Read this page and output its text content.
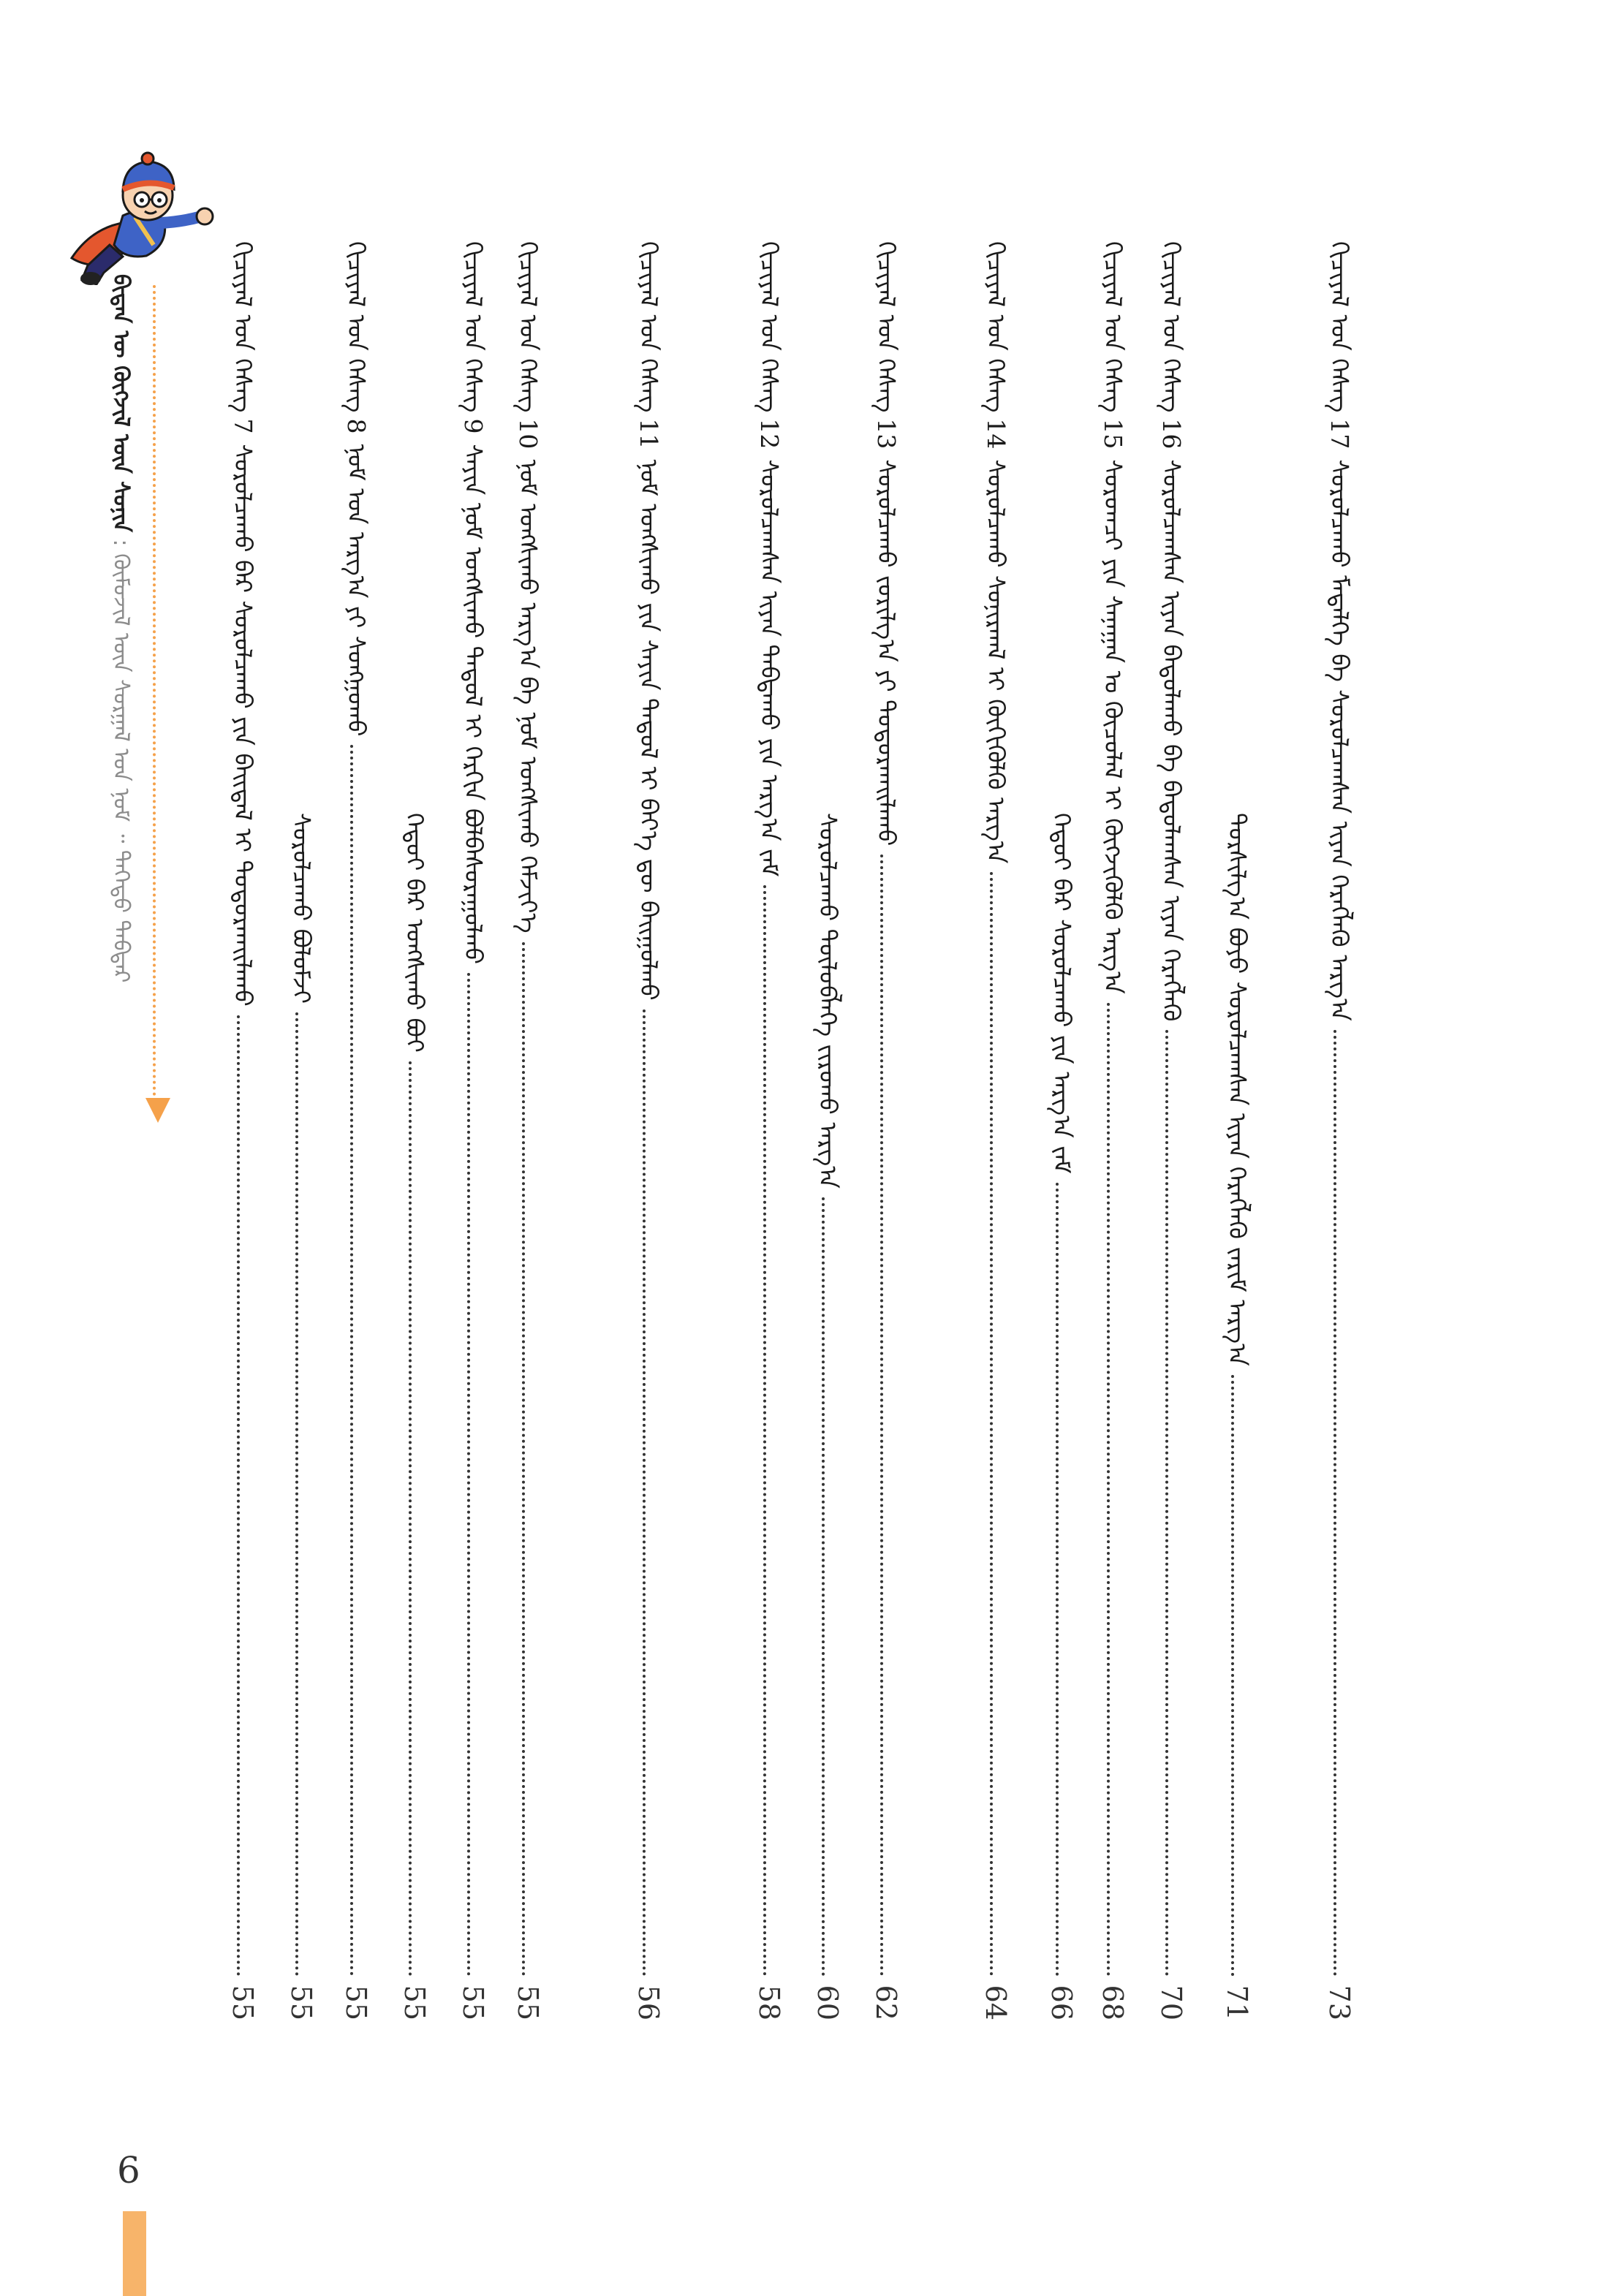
ᠪᠢᠳᠡᠨ ᠦ ᠬᠥᠭᠵᠢᠯ ᠦᠨ ᠰᠣᠨᠢᠨ : ᠬᠦᠮᠦᠵᠢᠯ ᠦᠨ ᠰᠤᠷᠭᠠᠯ ᠤᠨ ᠨᠣᠮ ᠃ ᠳᠡᠭᠡᠳᠦ ᠳᠡᠪᠲᠡᠷ
ᠬᠢᠴᠢᠶᠡᠯ ᠤᠨ ᠬᠡᠰᠡᠭ
17
ᠰᠤᠷᠤᠯᠴᠠᠬᠤ ᠮᠡᠳᠡᠯᠭᠡ ᠪᠠ ᠰᠤᠷᠤᠯᠴᠠᠭᠰᠠᠨ ᠢᠶᠠᠨ ᠬᠡᠷᠡᠭᠯᠡᠬᠦ ᠠᠷᠭ᠎ᠠ
73
ᠲᠤᠷᠰᠢᠯᠭ᠎ᠠ ᠪᠤᠶᠤ ᠰᠤᠷᠤᠯᠴᠠᠭᠰᠠᠨ ᠢᠶᠠᠨ ᠬᠡᠷᠡᠭᠯᠡᠬᠦ ᠵᠠᠷᠢᠮ ᠠᠷᠭ᠎ᠠ
71
ᠬᠢᠴᠢᠶᠡᠯ ᠤᠨ ᠬᠡᠰᠡᠭ
16
ᠰᠤᠷᠤᠯᠴᠠᠭᠰᠠᠨ ᠢᠶᠠᠨ ᠪᠠᠲᠤᠯᠠᠬᠤ ᠪᠠ ᠪᠠᠲᠤᠯᠠᠭᠰᠠᠨ ᠢᠶᠠᠨ ᠬᠡᠷᠡᠭᠯᠡᠬᠦ
70
ᠬᠢᠴᠢᠶᠡᠯ ᠤᠨ ᠬᠡᠰᠡᠭ
15
ᠰᠤᠷᠤᠭᠴᠢ ᠶᠢᠨ ᠰᠠᠨᠠᠭᠠᠨ ᠤ ᠬᠦᠴᠦᠯᠡᠯ ᠢ ᠬᠥᠭᠵᠢᠭᠦᠯᠬᠦ ᠠᠷᠭ᠎ᠠ
68
ᠬᠡᠳᠦᠢ ᠪᠡᠷ ᠰᠤᠷᠤᠯᠴᠠᠬᠤ ᠶᠢᠨ ᠠᠷᠭ᠎ᠠ ᠵᠠᠮ
66
ᠬᠢᠴᠢᠶᠡᠯ ᠤᠨ ᠬᠡᠰᠡᠭ
14
ᠰᠤᠷᠤᠯᠴᠠᠬᠤ ᠰᠤᠨᠢᠷᠬᠠᠯ ᠢ ᠬᠥᠬᠢᠭᠦᠯᠬᠦ ᠠᠷᠭ᠎ᠠ
64
ᠬᠢᠴᠢᠶᠡᠯ ᠤᠨ ᠬᠡᠰᠡᠭ
13
ᠰᠤᠷᠤᠯᠴᠠᠬᠤ ᠵᠣᠷᠢᠯᠭ᠎ᠠ ᠶᠢ ᠲᠣᠳᠣᠷᠬᠠᠢᠯᠠᠬᠤ
62
ᠰᠤᠷᠤᠯᠴᠠᠬᠤ ᠲᠥᠯᠦᠪᠯᠡᠭᠡ ᠵᠢᠷᠤᠬᠤ ᠠᠷᠭ᠎ᠠ
60
ᠬᠢᠴᠢᠶᠡᠯ ᠤᠨ ᠬᠡᠰᠡᠭ
12
ᠰᠤᠷᠤᠯᠴᠠᠭᠰᠠᠨ ᠢᠶᠠᠨ ᠳᠠᠪᠲᠠᠬᠤ ᠶᠢᠨ ᠠᠷᠭ᠎ᠠ ᠵᠠᠮ
58
ᠬᠢᠴᠢᠶᠡᠯ ᠤᠨ ᠬᠡᠰᠡᠭ
11
ᠨᠣᠮ ᠤᠩᠰᠢᠬᠤ ᠶᠢᠨ ᠰᠠᠶᠢᠨ ᠳᠠᠳᠤᠯ ᠢ ᠪᠡᠶ᠎ᠡ ᠳᠦ ᠪᠠᠢᠭᠤᠯᠬᠤ
56
ᠬᠢᠴᠢᠶᠡᠯ ᠤᠨ ᠬᠡᠰᠡᠭ
10
ᠨᠣᠮ ᠤᠩᠰᠢᠬᠤ ᠠᠷᠭ᠎ᠠ ᠪᠠ ᠨᠣᠮ ᠤᠩᠰᠢᠬᠤ ᠬᠡᠮᠵᠢᠶ᠎ᠡ
55
ᠬᠢᠴᠢᠶᠡᠯ ᠤᠨ ᠬᠡᠰᠡᠭ
9
ᠰᠠᠶᠢᠨ ᠨᠣᠮ ᠤᠩᠰᠢᠬᠤ ᠳᠠᠳᠤᠯ ᠢ ᠬᠡᠷᠬᠢᠨ ᠪᠣᠯᠪᠠᠰᠤᠷᠠᠭᠤᠯᠬᠤ
55
ᠬᠡᠳᠦᠢ ᠪᠡᠷ ᠤᠩᠰᠢᠬᠤ ᠪᠤᠢ
55
ᠬᠢᠴᠢᠶᠡᠯ ᠤᠨ ᠬᠡᠰᠡᠭ
8
ᠨᠣᠮ ᠤᠨ ᠠᠷᠭ᠎ᠠ ᠶᠢ ᠰᠣᠩᠭᠣᠬᠤ
55
ᠰᠤᠷᠤᠯᠴᠠᠬᠤ ᠪᠣᠯᠤᠮᠵᠢ
55
ᠬᠢᠴᠢᠶᠡᠯ ᠤᠨ ᠬᠡᠰᠡᠭ
7
ᠰᠤᠷᠤᠯᠴᠠᠬᠤ ᠪᠠᠷ ᠰᠤᠷᠤᠯᠴᠠᠬᠤ ᠶᠢᠨ ᠪᠠᠢᠳᠠᠯ ᠢ ᠲᠣᠳᠤᠷᠬᠠᠢᠯᠠᠬᠤ
55
6
